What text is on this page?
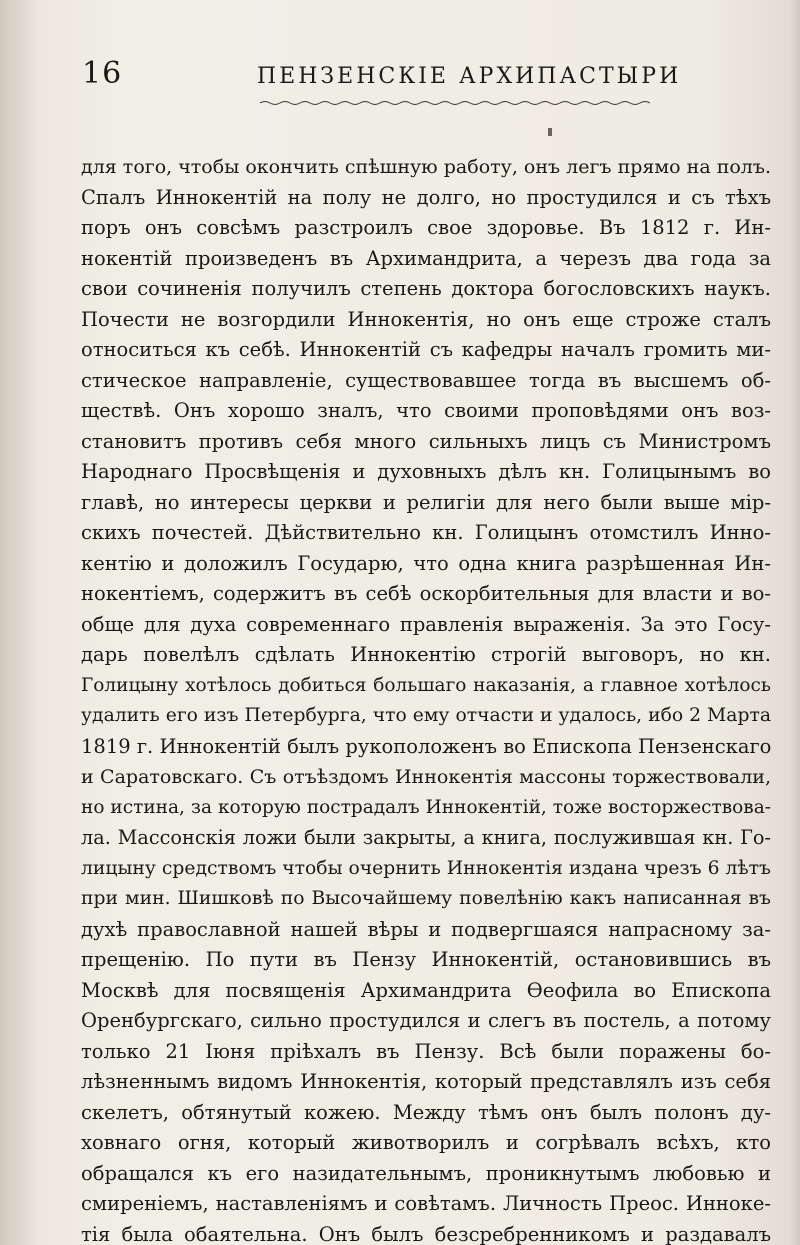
16	ПЕНЗЕНСКІЕ АРХИПАСТЫРИ
для того, чтобы окончить спѣшную работу, онъ легъ прямо на полъ.
Спалъ Иннокентій на полу не долго, но простудился и съ тѣхъ
поръ онъ совсѣмъ разстроилъ свое здоровье. Въ 1812 г. Ин-
нокентій произведенъ въ Архимандрита, а черезъ два года за
свои сочиненія получилъ степень доктора богословскихъ наукъ.
Почести не возгордили Иннокентія, но онъ еще строже сталъ
относиться къ себѣ. Иннокентій съ кафедры началъ громить ми-
стическое направленіе, существовавшее тогда въ высшемъ об-
ществѣ. Онъ хорошо зналъ, что своими проповѣдями онъ воз-
становитъ противъ себя много сильныхъ лицъ съ Министромъ
Народнаго Просвѣщенія и духовныхъ дѣлъ кн. Голицынымъ во
главѣ, но интересы церкви и религіи для него были выше мір-
скихъ почестей. Дѣйствительно кн. Голицынъ отомстилъ Инно-
кентію и доложилъ Государю, что одна книга разрѣшенная Ин-
нокентіемъ, содержитъ въ себѣ оскорбительныя для власти и во-
обще для духа современнаго правленія выраженія. За это Госу-
дарь повелѣлъ сдѣлать Иннокентію строгій выговоръ, но кн.
Голицыну хотѣлось добиться большаго наказанія, а главное хотѣлось
удалить его изъ Петербурга, что ему отчасти и удалось, ибо 2 Марта
1819 г. Иннокентій былъ рукоположенъ во Епископа Пензенскаго
и Саратовскаго. Съ отъѣздомъ Иннокентія массоны торжествовали,
но истина, за которую пострадалъ Иннокентій, тоже восторжествова-
ла. Массонскія ложи были закрыты, а книга, послужившая кн. Го-
лицыну средствомъ чтобы очернить Иннокентія издана чрезъ 6 лѣтъ
при мин. Шишковѣ по Высочайшему повелѣнію какъ написанная въ
духѣ православной нашей вѣры и подвергшаяся напрасному за-
прещенію. По пути въ Пензу Иннокентій, остановившись въ
Москвѣ для посвященія Архимандрита Өеофила во Епископа
Оренбургскаго, сильно простудился и слегъ въ постель, а потому
только 21 Іюня пріѣхалъ въ Пензу. Всѣ были поражены бо-
лѣзненнымъ видомъ Иннокентія, который представлялъ изъ себя
скелетъ, обтянутый кожею. Между тѣмъ онъ былъ полонъ ду-
ховнаго огня, который животворилъ и согрѣвалъ всѣхъ, кто
обращался къ его назидательнымъ, проникнутымъ любовью и
смиреніемъ, наставленіямъ и совѣтамъ. Личность Преос. Инноке-
тія была обаятельна. Онъ былъ безсребренникомъ и раздавалъ
